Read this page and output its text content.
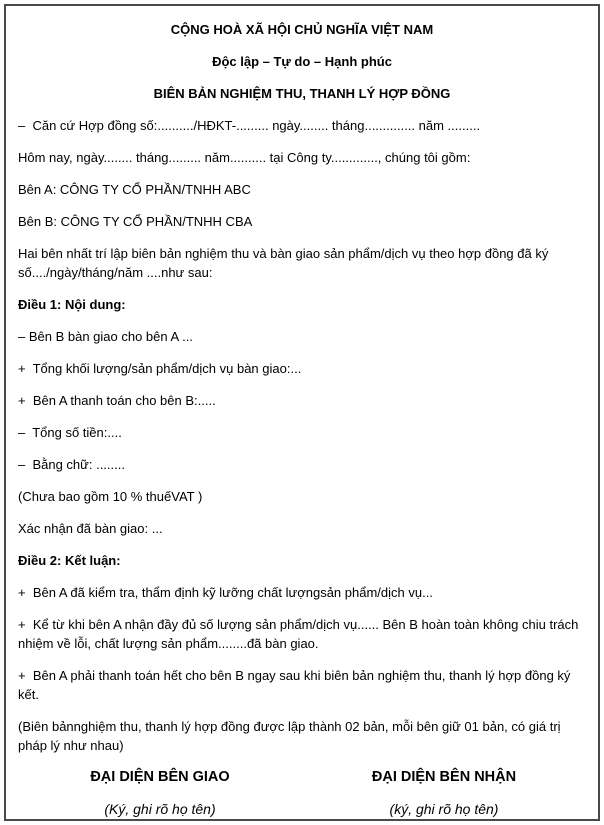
CỘNG HOÀ XÃ HỘI CHỦ NGHĨA VIỆT NAM

Độc lập – Tự do – Hạnh phúc

BIÊN BẢN NGHIỆM THU, THANH LÝ HỢP ĐỒNG

–  Căn cứ Hợp đồng số:........../HĐKT-......... ngày........ tháng.............. năm .........

Hôm nay, ngày........ tháng......... năm.......... tại Công ty............., chúng tôi gồm:

Bên A: CÔNG TY CỔ PHẦN/TNHH ABC

Bên B: CÔNG TY CỔ PHẦN/TNHH CBA

Hai bên nhất trí lập biên bản nghiệm thu và bàn giao sản phẩm/dịch vụ theo hợp đồng đã ký số..../ngày/tháng/năm ....như sau:

Điều 1: Nội dung:

– Bên B bàn giao cho bên A ...

+  Tổng khối lượng/sản phẩm/dịch vụ bàn giao:...

+  Bên A thanh toán cho bên B:.....

–  Tổng số tiền:....

–  Bằng chữ: ........

(Chưa bao gồm 10 % thuếVAT )

Xác nhận đã bàn giao: ...

Điều 2: Kết luận:

+  Bên A đã kiểm tra, thẩm định kỹ lưỡng chất lượngsản phẩm/dịch vụ...

+  Kể từ khi bên A nhận đầy đủ số lượng sản phẩm/dịch vụ...... Bên B hoàn toàn không chiu trách nhiệm về lỗi, chất lượng sản phẩm........đã bàn giao.

+  Bên A phải thanh toán hết cho bên B ngay sau khi biên bản nghiệm thu, thanh lý hợp đồng ký kết.

(Biên bảnnghiệm thu, thanh lý hợp đồng được lập thành 02 bản, mỗi bên giữ 01 bản, có giá trị pháp lý như nhau)

ĐẠI DIỆN BÊN GIAO

(Ký, ghi rõ họ tên)

ĐẠI DIỆN BÊN NHẬN

(ký, ghi rõ họ tên)
